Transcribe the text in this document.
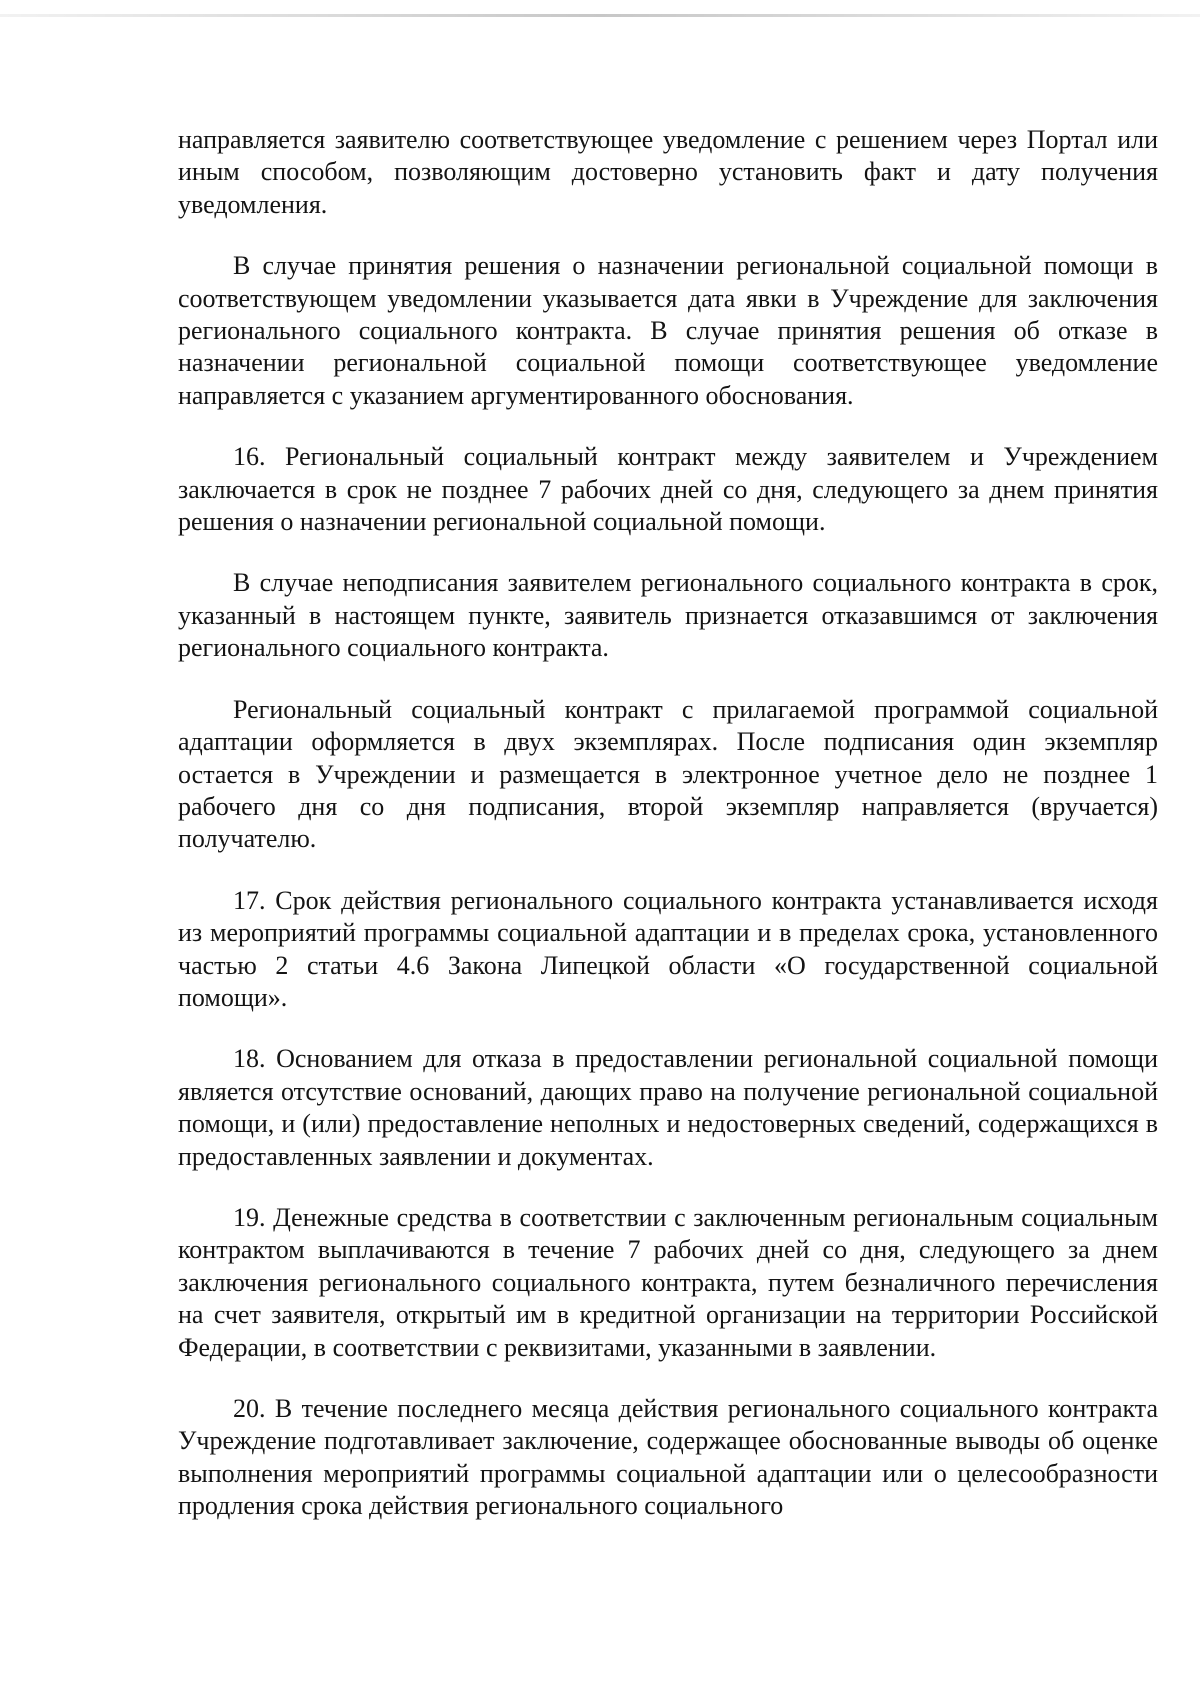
направляется заявителю соответствующее уведомление с решением через Портал или иным способом, позволяющим достоверно установить факт и дату получения уведомления.

В случае принятия решения о назначении региональной социальной помощи в соответствующем уведомлении указывается дата явки в Учреждение для заключения регионального социального контракта. В случае принятия решения об отказе в назначении региональной социальной помощи соответствующее уведомление направляется с указанием аргументированного обоснования.

16. Региональный социальный контракт между заявителем и Учреждением заключается в срок не позднее 7 рабочих дней со дня, следующего за днем принятия решения о назначении региональной социальной помощи.

В случае неподписания заявителем регионального социального контракта в срок, указанный в настоящем пункте, заявитель признается отказавшимся от заключения регионального социального контракта.

Региональный социальный контракт с прилагаемой программой социальной адаптации оформляется в двух экземплярах. После подписания один экземпляр остается в Учреждении и размещается в электронное учетное дело не позднее 1 рабочего дня со дня подписания, второй экземпляр направляется (вручается) получателю.

17. Срок действия регионального социального контракта устанавливается исходя из мероприятий программы социальной адаптации и в пределах срока, установленного частью 2 статьи 4.6 Закона Липецкой области «О государственной социальной помощи».

18. Основанием для отказа в предоставлении региональной социальной помощи является отсутствие оснований, дающих право на получение региональной социальной помощи, и (или) предоставление неполных и недостоверных сведений, содержащихся в предоставленных заявлении и документах.

19. Денежные средства в соответствии с заключенным региональным социальным контрактом выплачиваются в течение 7 рабочих дней со дня, следующего за днем заключения регионального социального контракта, путем безналичного перечисления на счет заявителя, открытый им в кредитной организации на территории Российской Федерации, в соответствии с реквизитами, указанными в заявлении.

20. В течение последнего месяца действия регионального социального контракта Учреждение подготавливает заключение, содержащее обоснованные выводы об оценке выполнения мероприятий программы социальной адаптации или о целесообразности продления срока действия регионального социального
